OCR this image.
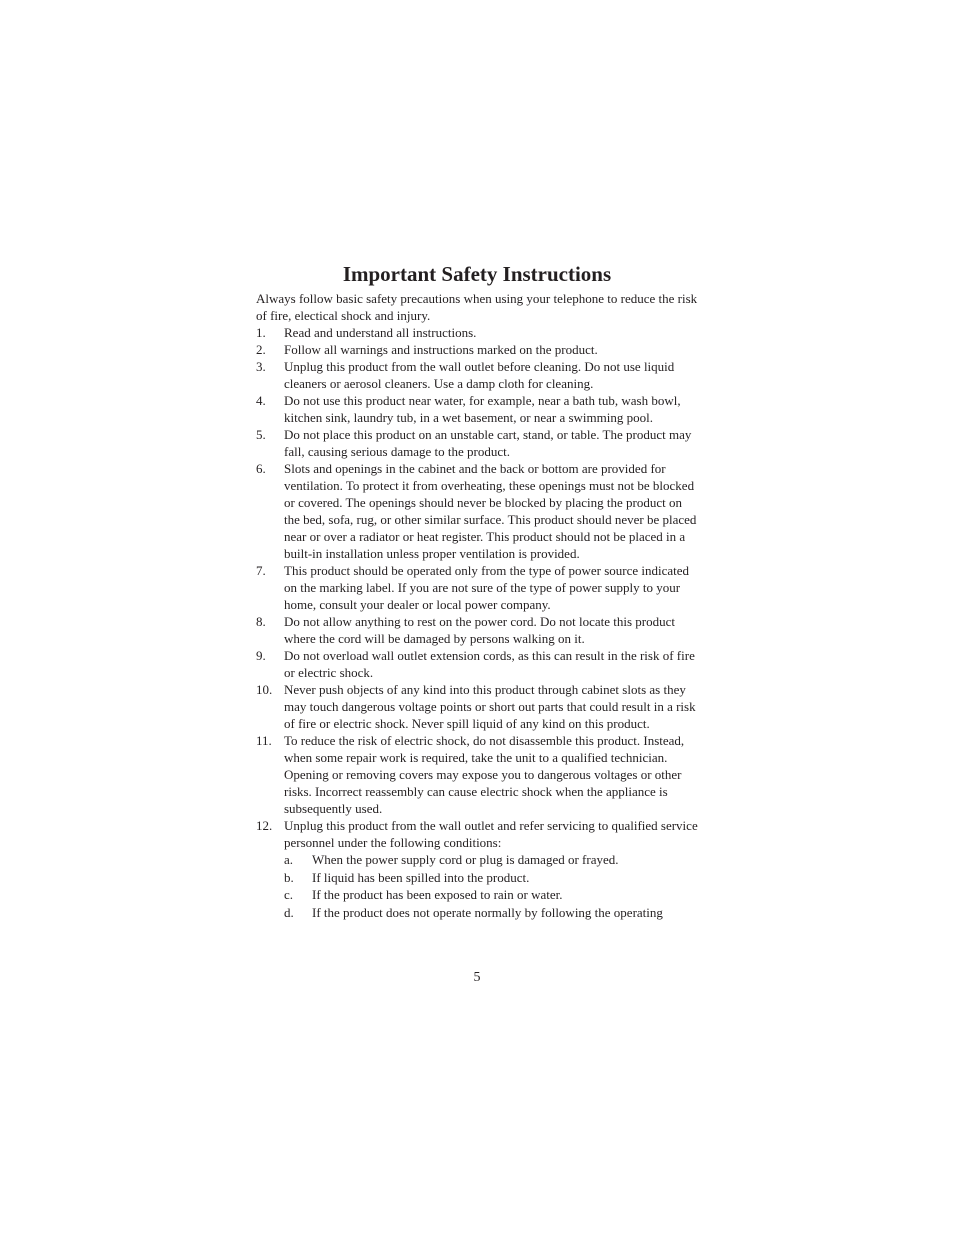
Important Safety Instructions

Always follow basic safety precautions when using your telephone to reduce the risk of fire, electical shock and injury.

1. Read and understand all instructions.
2. Follow all warnings and instructions marked on the product.
3. Unplug this product from the wall outlet before cleaning. Do not use liquid cleaners or aerosol cleaners. Use a damp cloth for cleaning.
4. Do not use this product near water, for example, near a bath tub, wash bowl, kitchen sink, laundry tub, in a wet basement, or near a swimming pool.
5. Do not place this product on an unstable cart, stand, or table. The product may fall, causing serious damage to the product.
6. Slots and openings in the cabinet and the back or bottom are provided for ventilation. To protect it from overheating, these openings must not be blocked or covered. The openings should never be blocked by placing the product on the bed, sofa, rug, or other similar surface. This product should never be placed near or over a radiator or heat register. This product should not be placed in a built-in installation unless proper ventilation is provided.
7. This product should be operated only from the type of power source indicated on the marking label. If you are not sure of the type of power supply to your home, consult your dealer or local power company.
8. Do not allow anything to rest on the power cord. Do not locate this product where the cord will be damaged by persons walking on it.
9. Do not overload wall outlet extension cords, as this can result in the risk of fire or electric shock.
10. Never push objects of any kind into this product through cabinet slots as they may touch dangerous voltage points or short out parts that could result in a risk of fire or electric shock. Never spill liquid of any kind on this product.
11. To reduce the risk of electric shock, do not disassemble this product. Instead, when some repair work is required, take the unit to a qualified technician. Opening or removing covers may expose you to dangerous voltages or other risks. Incorrect reassembly can cause electric shock when the appliance is subsequently used.
12. Unplug this product from the wall outlet and refer servicing to qualified service personnel under the following conditions:
a. When the power supply cord or plug is damaged or frayed.
b. If liquid has been spilled into the product.
c. If the product has been exposed to rain or water.
d. If the product does not operate normally by following the operating
5
